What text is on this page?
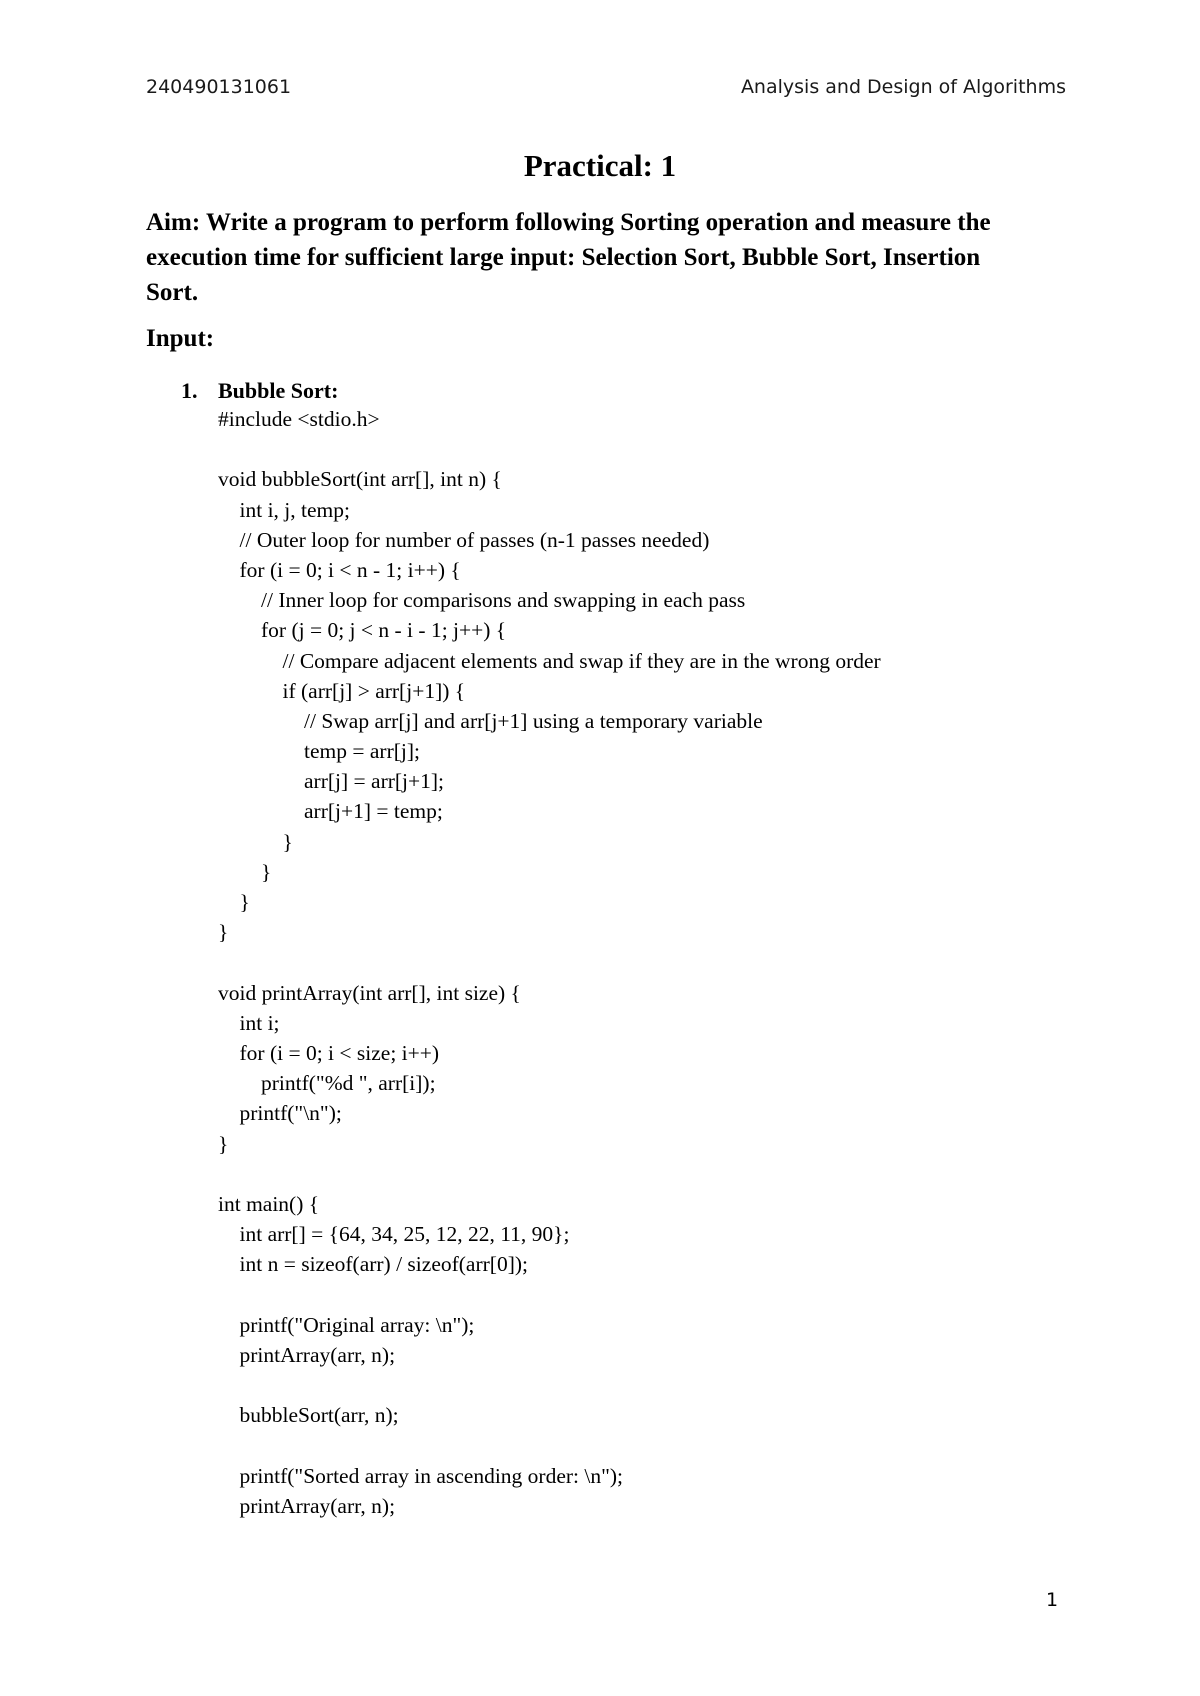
240490131061	Analysis and Design of Algorithms
Practical: 1
Aim: Write a program to perform following Sorting operation and measure the execution time for sufficient large input: Selection Sort, Bubble Sort, Insertion Sort.
Input:
1. Bubble Sort:
#include <stdio.h>
void bubbleSort(int arr[], int n) {
int i, j, temp;
// Outer loop for number of passes (n-1 passes needed)
for (i = 0; i < n - 1; i++) {
// Inner loop for comparisons and swapping in each pass
for (j = 0; j < n - i - 1; j++) {
// Compare adjacent elements and swap if they are in the wrong order
if (arr[j] > arr[j+1]) {
// Swap arr[j] and arr[j+1] using a temporary variable
temp = arr[j];
arr[j] = arr[j+1];
arr[j+1] = temp;
}
}
}
}
void printArray(int arr[], int size) {
int i;
for (i = 0; i < size; i++)
printf("%d ", arr[i]);
printf("\n");
}
int main() {
int arr[] = {64, 34, 25, 12, 22, 11, 90};
int n = sizeof(arr) / sizeof(arr[0]);
printf("Original array: \n");
printArray(arr, n);
bubbleSort(arr, n);
printf("Sorted array in ascending order: \n");
printArray(arr, n);
1
